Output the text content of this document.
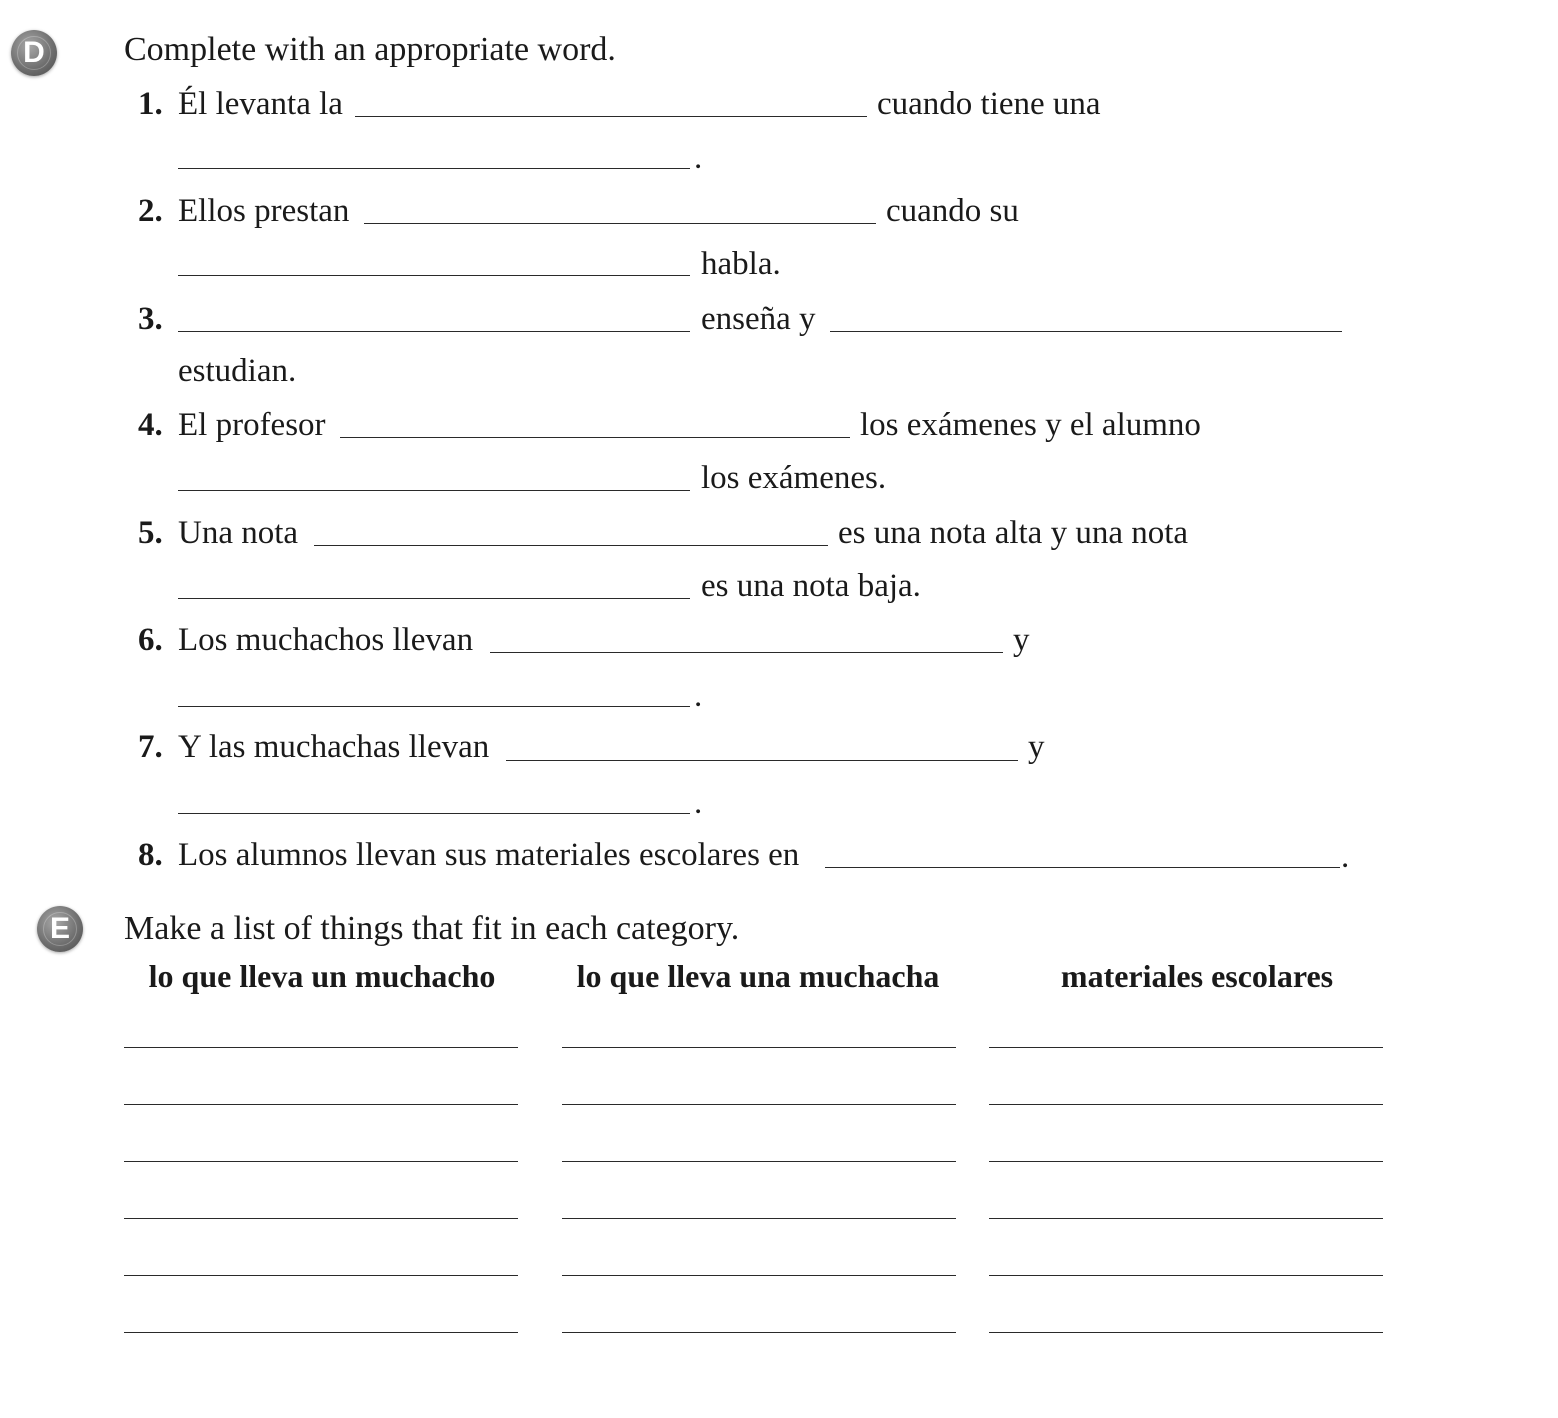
D	Complete with an appropriate word.
1. Él levanta la	cuando tiene una
.
2. Ellos prestan	cuando su
habla.
3.	enseña y
estudian.
4. El profesor	los exámenes y el alumno
los exámenes.
5. Una nota	es una nota alta y una nota
es una nota baja.
6. Los muchachos llevan	y
.
7. Y las muchachas llevan	y
.
8. Los alumnos llevan sus materiales escolares en	.
E	Make a list of things that fit in each category.
lo que lleva un muchacho	lo que lleva una muchacha	materiales escolares
